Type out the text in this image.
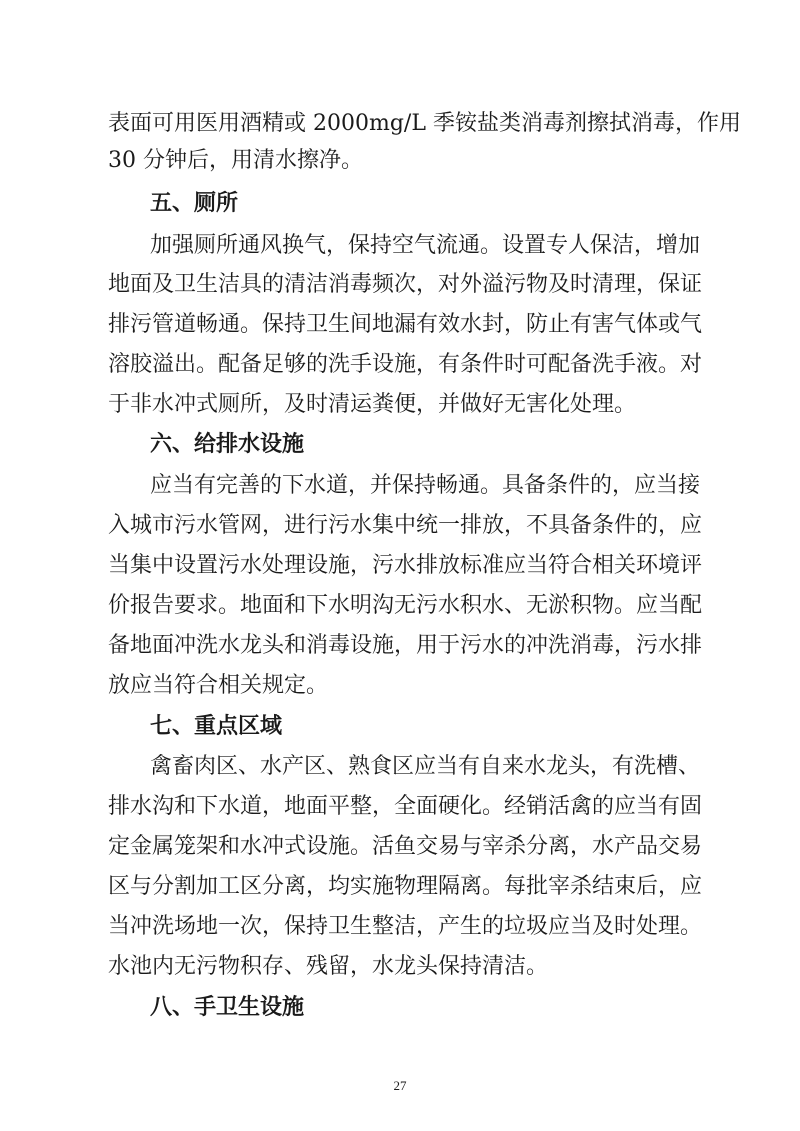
表面可用医用酒精或 2000mg/L 季铵盐类消毒剂擦拭消毒，作用
30 分钟后，用清水擦净。
五、厕所
加强厕所通风换气，保持空气流通。设置专人保洁，增加
地面及卫生洁具的清洁消毒频次，对外溢污物及时清理，保证
排污管道畅通。保持卫生间地漏有效水封，防止有害气体或气
溶胶溢出。配备足够的洗手设施，有条件时可配备洗手液。对
于非水冲式厕所，及时清运粪便，并做好无害化处理。
六、给排水设施
应当有完善的下水道，并保持畅通。具备条件的，应当接
入城市污水管网，进行污水集中统一排放，不具备条件的，应
当集中设置污水处理设施，污水排放标准应当符合相关环境评
价报告要求。地面和下水明沟无污水积水、无淤积物。应当配
备地面冲洗水龙头和消毒设施，用于污水的冲洗消毒，污水排
放应当符合相关规定。
七、重点区域
禽畜肉区、水产区、熟食区应当有自来水龙头，有洗槽、
排水沟和下水道，地面平整，全面硬化。经销活禽的应当有固
定金属笼架和水冲式设施。活鱼交易与宰杀分离，水产品交易
区与分割加工区分离，均实施物理隔离。每批宰杀结束后，应
当冲洗场地一次，保持卫生整洁，产生的垃圾应当及时处理。
水池内无污物积存、残留，水龙头保持清洁。
八、手卫生设施
27
